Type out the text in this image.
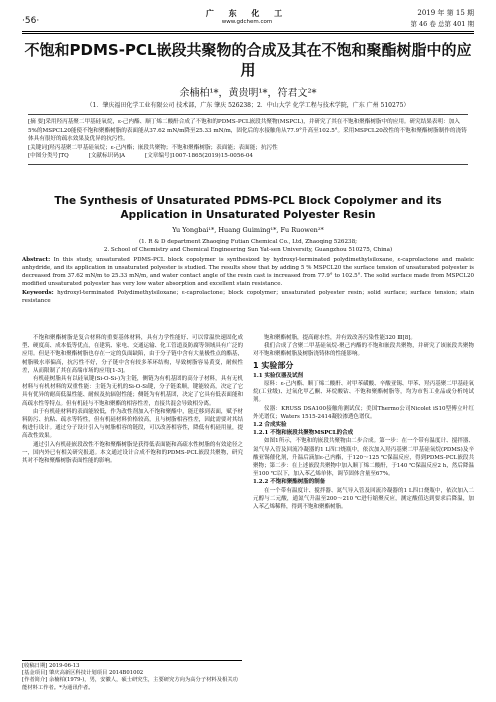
·56·
广 东 化 工
www.gdchem.com
2019 年 第 15 期
第 46 卷 总第 401 期
不饱和PDMS-PCL嵌段共聚物的合成及其在不饱和聚酯树脂中的应用
余楠柏¹*，黄贵明¹*，符君文²*
（1．肇庆福田化学工业有限公司 技术部，广东 肇庆 526238；2．中山大学 化学工程与技术学院，广东 广州 510275）
[摘 要]采用羟丙基聚二甲基硅氧烷，ε-己内酯、顺丁烯二酸酐合成了不饱和的PDMS-PCL嵌段共聚物(MSPCL)，并研究了其在不饱和聚酯树脂中的应用。研究结果表明：加入5%的MSPCL20能使不饱和聚酯树脂的表面能从37.62 mN/m降至25.33 mN/m，固化后的水接触角从77.9°升高至102.5°。采用MSPCL20改性的不饱和聚酯树脂制作的浇铸体具有很好的疏水效果及优异的抗污性。
[关键词]羟丙基聚二甲基硅氧烷；ε-己内酯；嵌段共聚物；不饱和聚酯树脂；表面能；表面能；抗污性
[中图分类号]TQ	[文献标识码]A	[文章编号]1007-1865(2019)15-0056-04
The Synthesis of Unsaturated PDMS-PCL Block Copolymer and its Application in Unsaturated Polyester Resin
Yu Yongbai¹*, Huang Guiming¹*, Fu Ruowen²*
(1. R & D department Zhaoqing Futian Chemical Co., Ltd, Zhaoqing 526238;
2. School of Chemistry and Chemical Engineering Sun Yat-sen University, Guangzhou 510275, China)
Abstract: In this study, unsaturated PDMS-PCL block copolymer is synthesized by hydroxyl-terminated polydimethylsiloxane, ε-caprolactone and maleic anhydride, and its application in unsaturated polyester is studied. The results show that by adding 5 % MSPCL20 the surface tension of unsaturated polyester is decreased from 37.62 mN/m to 25.33 mN/m, and water contact angle of the resin cast is increased from 77.9° to 102.5°. The solid surface made from MSPCL20 modified unsaturated polyester has very low water absorption and excellent stain resistance.
Keywords: hydroxyl-terminated Polydimethylsiloxane；ε-caprolactone；block copolymer；unsaturated polyester resin；solid surface；surface tension；stain resistance

不饱和聚酯树脂是复合材料的重要基体材料，具有力学性能好、可以常温快速固化成型、硬度高、成本低等优点，在建筑、家电、交通运输、化工管道及防腐等领域具有广泛的应用。但是不饱和聚酯树脂也存在一定的负面缺陷，由于分子链中含有大量极性点的酯基，树脂吸水率偏高，抗污性不好，分子链中含有较多苯环结构，导致树脂容易黄变，耐候性差，从而限制了其在高端市场的应用[1-3]。

有机硅树脂具有以硅氧键(Si-O-Si-)为主链，侧链为有机基团的高分子材料，具有无机材料与有机材料的双重性能：主链为无机的Si-O-Si键，分子链柔顺，键能较高，决定了它具有优异的耐高低温性能、耐候及抗辐射性能；侧链为有机基团，决定了它具有低表面能和高疏水性等特点。但有机硅与不饱和聚酯的相容性差，直接共混会导致相分离。

由于有机硅材料的表面能较低，作为改性剂加入不饱和聚酯中，能迁移到表面，赋予材料防污、抗粘、疏水等特性，但有机硅材料价格较高，且与树脂相容性差，因此需要对其结构进行设计。通过分子设计引入与树脂相容的链段，可以改善相容性，降低有机硅用量，提高改性效果。

通过引入有机硅嵌段改性不饱和聚酯树脂是获得低表面能和高疏水性树脂的有效途径之一，国内外已有相关研究报道。本文通过设计合成不饱和的PDMS-PCL嵌段共聚物，研究其对不饱和聚酯树脂表面性能的影响。

饱和聚酯树脂，提高耐水性，并有效改善污染性能320 Ⅲ[8]。

我们合成了含聚二甲基硅氧烷-聚己内酯的不饱和嵌段共聚物，并研究了该嵌段共聚物对不饱和聚酯树脂及树脂浇铸体的性能影响。

1 实验部分

1.1 实验仪器及试剂

原料：ε-己内酯、顺丁烯二酸酐、对甲苯磺酸、辛酸亚锡、甲苯、羟丙基聚二甲基硅氧烷(工业级)、过氧化甲乙酮、环烷酸钴、不饱和聚酯树脂等，均为市售工业品或分析纯试剂。

仪器：KRUSS DSA100接触角测试仪；美国Thermo公司Nicolet iS10型傅立叶红外光谱仪；Waters 1515-2414凝胶渗透色谱仪。

1.2 合成实验

1.2.1 不饱和嵌段共聚物MSPCL的合成

如图1所示，不饱和的嵌段共聚物由二步合成。第一步：在一个带有温度计、搅拌器、氮气导入管及回流冷凝器的1 L四口烧瓶中，依次加入羟丙基聚二甲基硅氧烷(PDMS)及辛酸亚锡催化剂，升温后滴加ε-己内酯，于120～125 ℃保温反应，得到PDMS-PCL嵌段共聚物；第二步：在上述嵌段共聚物中加入顺丁烯二酸酐，于140 ℃保温反应2 h，然后降温至100 ℃以下，加入苯乙烯单体，调节固体含量至67%。

1.2.2 不饱和聚酯树脂的制备

在一个带有温度计、搅拌器、氮气导入管及回流冷凝器的1 L四口烧瓶中，依次加入二元醇与二元酸，通氮气升温至200～210 ℃进行缩聚反应，测定酸值达到要求后降温，加入苯乙烯稀释，得到不饱和聚酯树脂。

[收稿日期] 2019-06-13
[基金项目] 肇庆高新区科技计划项目 2014B01002
[作者简介] 余楠柏(1979-)，男，安徽人，硕士研究生，主要研究方向为高分子材料及相关功能材料工作者。*为通讯作者。
